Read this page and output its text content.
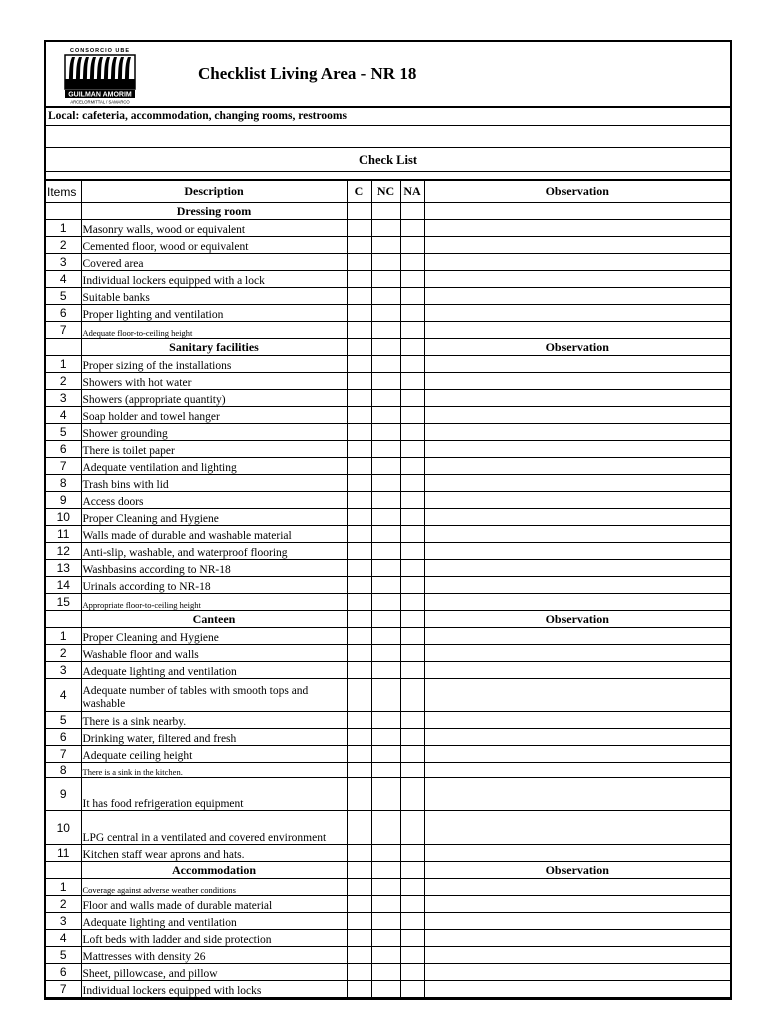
CONSORCIO UBE
GUILMAN AMORIM
ARCELORMITTAL / SAMARCO
Checklist Living Area - NR 18
Local: cafeteria, accommodation, changing rooms, restrooms
Check List
Items	Description	C	NC	NA	Observation
	Dressing room				
1	Masonry walls, wood or equivalent				
2	Cemented floor, wood or equivalent				
3	Covered area				
4	Individual lockers equipped with a lock				
5	Suitable banks				
6	Proper lighting and ventilation				
7	Adequate floor-to-ceiling height				
	Sanitary facilities				Observation
1	Proper sizing of the installations				
2	Showers with hot water				
3	Showers (appropriate quantity)				
4	Soap holder and towel hanger				
5	Shower grounding				
6	There is toilet paper				
7	Adequate ventilation and lighting				
8	Trash bins with lid				
9	Access doors				
10	Proper Cleaning and Hygiene				
11	Walls made of durable and washable material				
12	Anti-slip, washable, and waterproof flooring				
13	Washbasins according to NR-18				
14	Urinals according to NR-18				
15	Appropriate floor-to-ceiling height				
	Canteen				Observation
1	Proper Cleaning and Hygiene				
2	Washable floor and walls				
3	Adequate lighting and ventilation				
4	Adequate number of tables with smooth tops and washable				
5	There is a sink nearby.				
6	Drinking water, filtered and fresh				
7	Adequate ceiling height				
8	There is a sink in the kitchen.				
9	It has food refrigeration equipment				
10	LPG central in a ventilated and covered environment				
11	Kitchen staff wear aprons and hats.				
	Accommodation				Observation
1	Coverage against adverse weather conditions				
2	Floor and walls made of durable material				
3	Adequate lighting and ventilation				
4	Loft beds with ladder and side protection				
5	Mattresses with density 26				
6	Sheet, pillowcase, and pillow				
7	Individual lockers equipped with locks				
